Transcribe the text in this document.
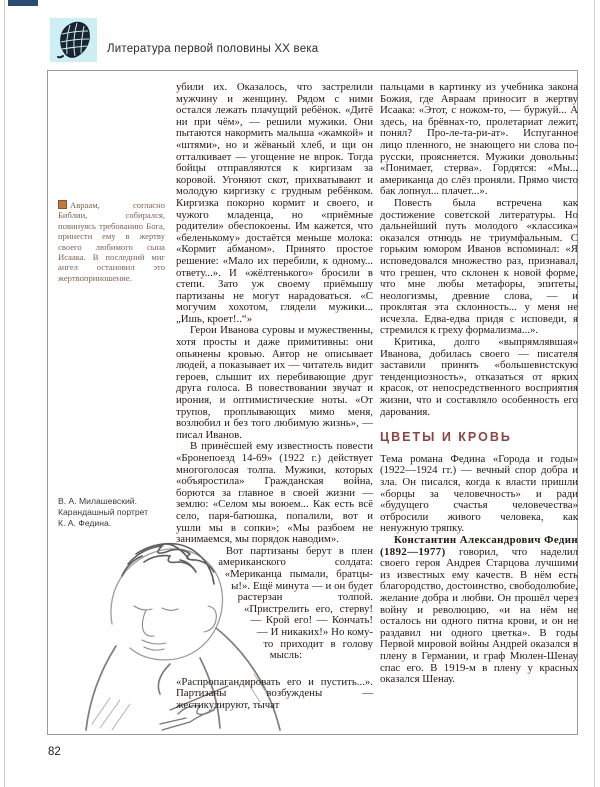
Литература первой половины XX века
Авраам, согласно Библии, собирался, повинуясь требованию Бога, принести ему в жертву своего любимого сына Исаака. В последний миг ангел остановил это жертвоприношение.
В. А. Милашевский.
Карандашный портрет
К. А. Федина.

убили их. Оказалось, что застрелили мужчину и женщину. Рядом с ними остался лежать плачущий ребёнок. «Дитё ни при чём», — решили мужики. Они пытаются накормить малыша «жамкой» и «штями», но и жёваный хлеб, и щи он отталкивает — угощение не впрок. Тогда бойцы отправляются к киргизам за коровой. Угоняют скот, прихватывают и молодую киргизку с грудным ребёнком. Киргизка покорно кормит и своего, и чужого младенца, но «приёмные родители» обеспокоены. Им кажется, что «беленькому» достаётся меньше молока: «Кормит абманом». Принято простое решение: «Мало их перебили, к одному... ответу...». И «жёлтенького» бросили в степи. Зато уж своему приёмышу партизаны не могут нарадоваться. «С могучим хохотом, глядели мужики... „Ишь, кроет!..“»

Герои Иванова суровы и мужественны, хотя просты и даже примитивны: они опьянены кровью. Автор не описывает людей, а показывает их — читатель видит героев, слышит их перебивающие друг друга голоса. В повествовании звучат и ирония, и оптимистические ноты. «От трупов, проплывающих мимо меня, возлюбил и без того любимую жизнь», — писал Иванов.

В принёсшей ему известность повести «Бронепоезд 14-69» (1922 г.) действует многоголосая толпа. Мужики, которых «объяростила» Гражданская война, борются за главное в своей жизни — землю: «Селом мы воюем... Как есть всё село, паря-батюшка, попалили, вот и ушли мы в сопки»; «Мы разбоем не занимаемся, мы порядок наводим».

Вот партизаны берут в плен американского солдата: «Мериканца пымали, братцы-ы!». Ещё минута — и он будет растерзан толпой. «Пристрелить его, стерву! — Крой его! — Кончать! — И никаких!» Но кому-то приходит в голову мысль: «Распропагандировать его и пустить...». Партизаны возбуждены — жестикулируют, тычат

пальцами в картинку из учебника закона Божия, где Авраам приносит в жертву Исаака: «Этот, с ножом-то, — буржуй... А здесь, на брёвнах-то, пролетариат лежит, понял? Про-ле-та-ри-ат». Испуганное лицо пленного, не знающего ни слова по-русски, проясняется. Мужики довольны: «Понимает, стерва». Гордятся: «Мы... американца до слёз проняли. Прямо чисто бак лопнул... плачет...».

Повесть была встречена как достижение советской литературы. Но дальнейший путь молодого «классика» оказался отнюдь не триумфальным. С горьким юмором Иванов вспоминал: «Я исповедовался множество раз, признавал, что грешен, что склонен к новой форме, что мне любы метафоры, эпитеты, неологизмы, древние слова, — и проклятая эта склонность... у меня не исчезла. Едва-едва придя с исповеди, я стремился к греху формализма...».

Критика, долго «выпрямлявшая» Иванова, добилась своего — писателя заставили принять «большевистскую тенденциозность», отказаться от ярких красок, от непосредственного восприятия жизни, что и составляло особенность его дарования.

ЦВЕТЫ И КРОВЬ

Тема романа Федина «Города и годы» (1922—1924 гг.) — вечный спор добра и зла. Он писался, когда к власти пришли «борцы за человечность» и ради «будущего счастья человечества» отбросили живого человека, как ненужную тряпку.

Константин Александрович Федин (1892—1977) говорил, что наделил своего героя Андрея Старцова лучшими из известных ему качеств. В нём есть благородство, достоинство, свободолюбие, желание добра и любви. Он прошёл через войну и революцию, «и на нём не осталось ни одного пятна крови, и он не раздавил ни одного цветка». В годы Первой мировой войны Андрей оказался в плену в Германии, и граф Мюлен-Шенау спас его. В 1919-м в плену у красных оказался Шенау.

82
